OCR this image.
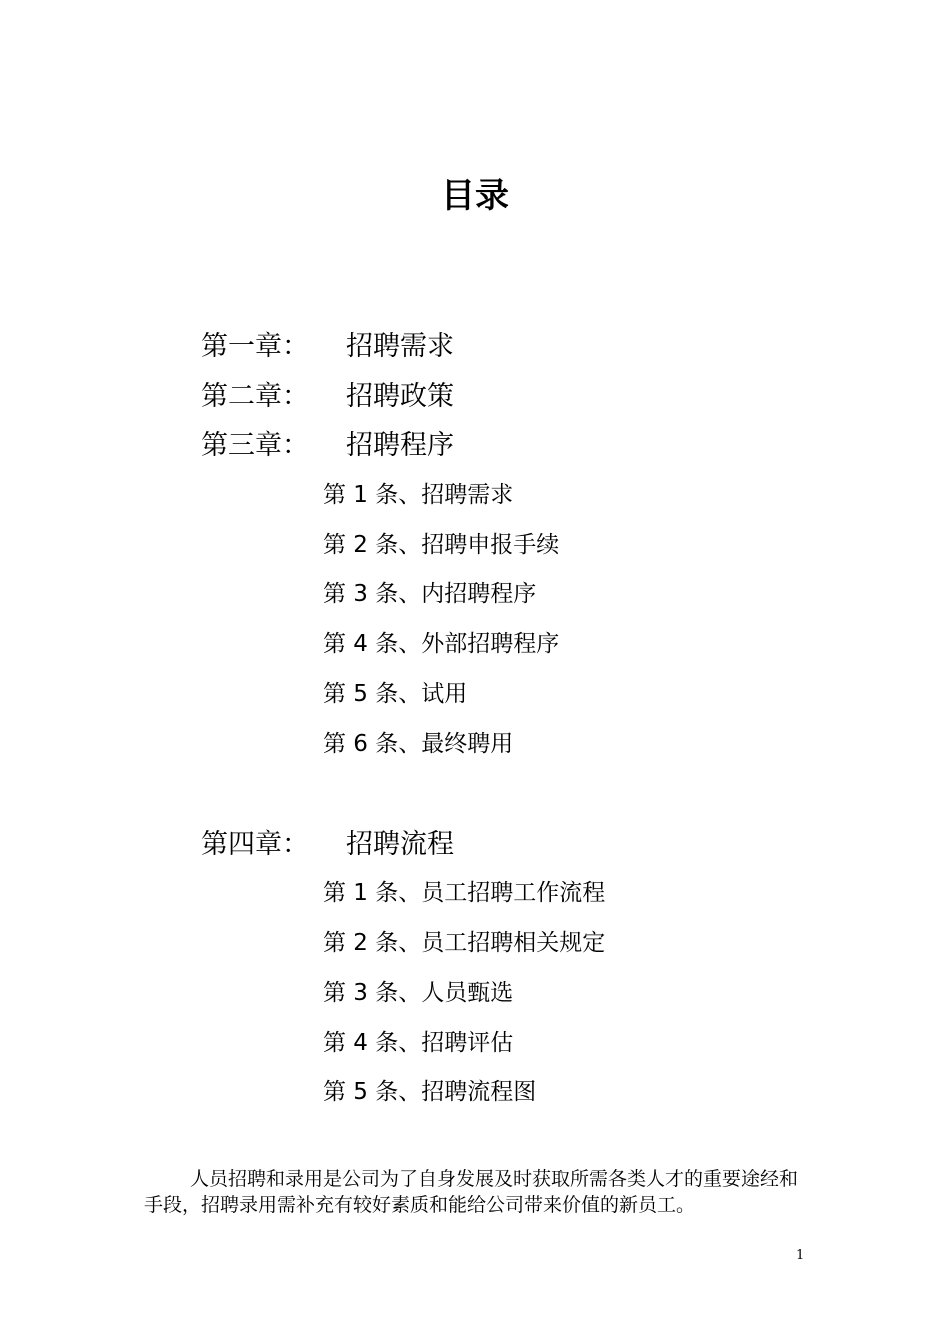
目录
第一章： 招聘需求
第二章： 招聘政策
第三章： 招聘程序
第 1 条、招聘需求
第 2 条、招聘申报手续
第 3 条、内招聘程序
第 4 条、外部招聘程序
第 5 条、试用
第 6 条、最终聘用
第四章： 招聘流程
第 1 条、员工招聘工作流程
第 2 条、员工招聘相关规定
第 3 条、人员甄选
第 4 条、招聘评估
第 5 条、招聘流程图
人员招聘和录用是公司为了自身发展及时获取所需各类人才的重要途经和手段，招聘录用需补充有较好素质和能给公司带来价值的新员工。
1
